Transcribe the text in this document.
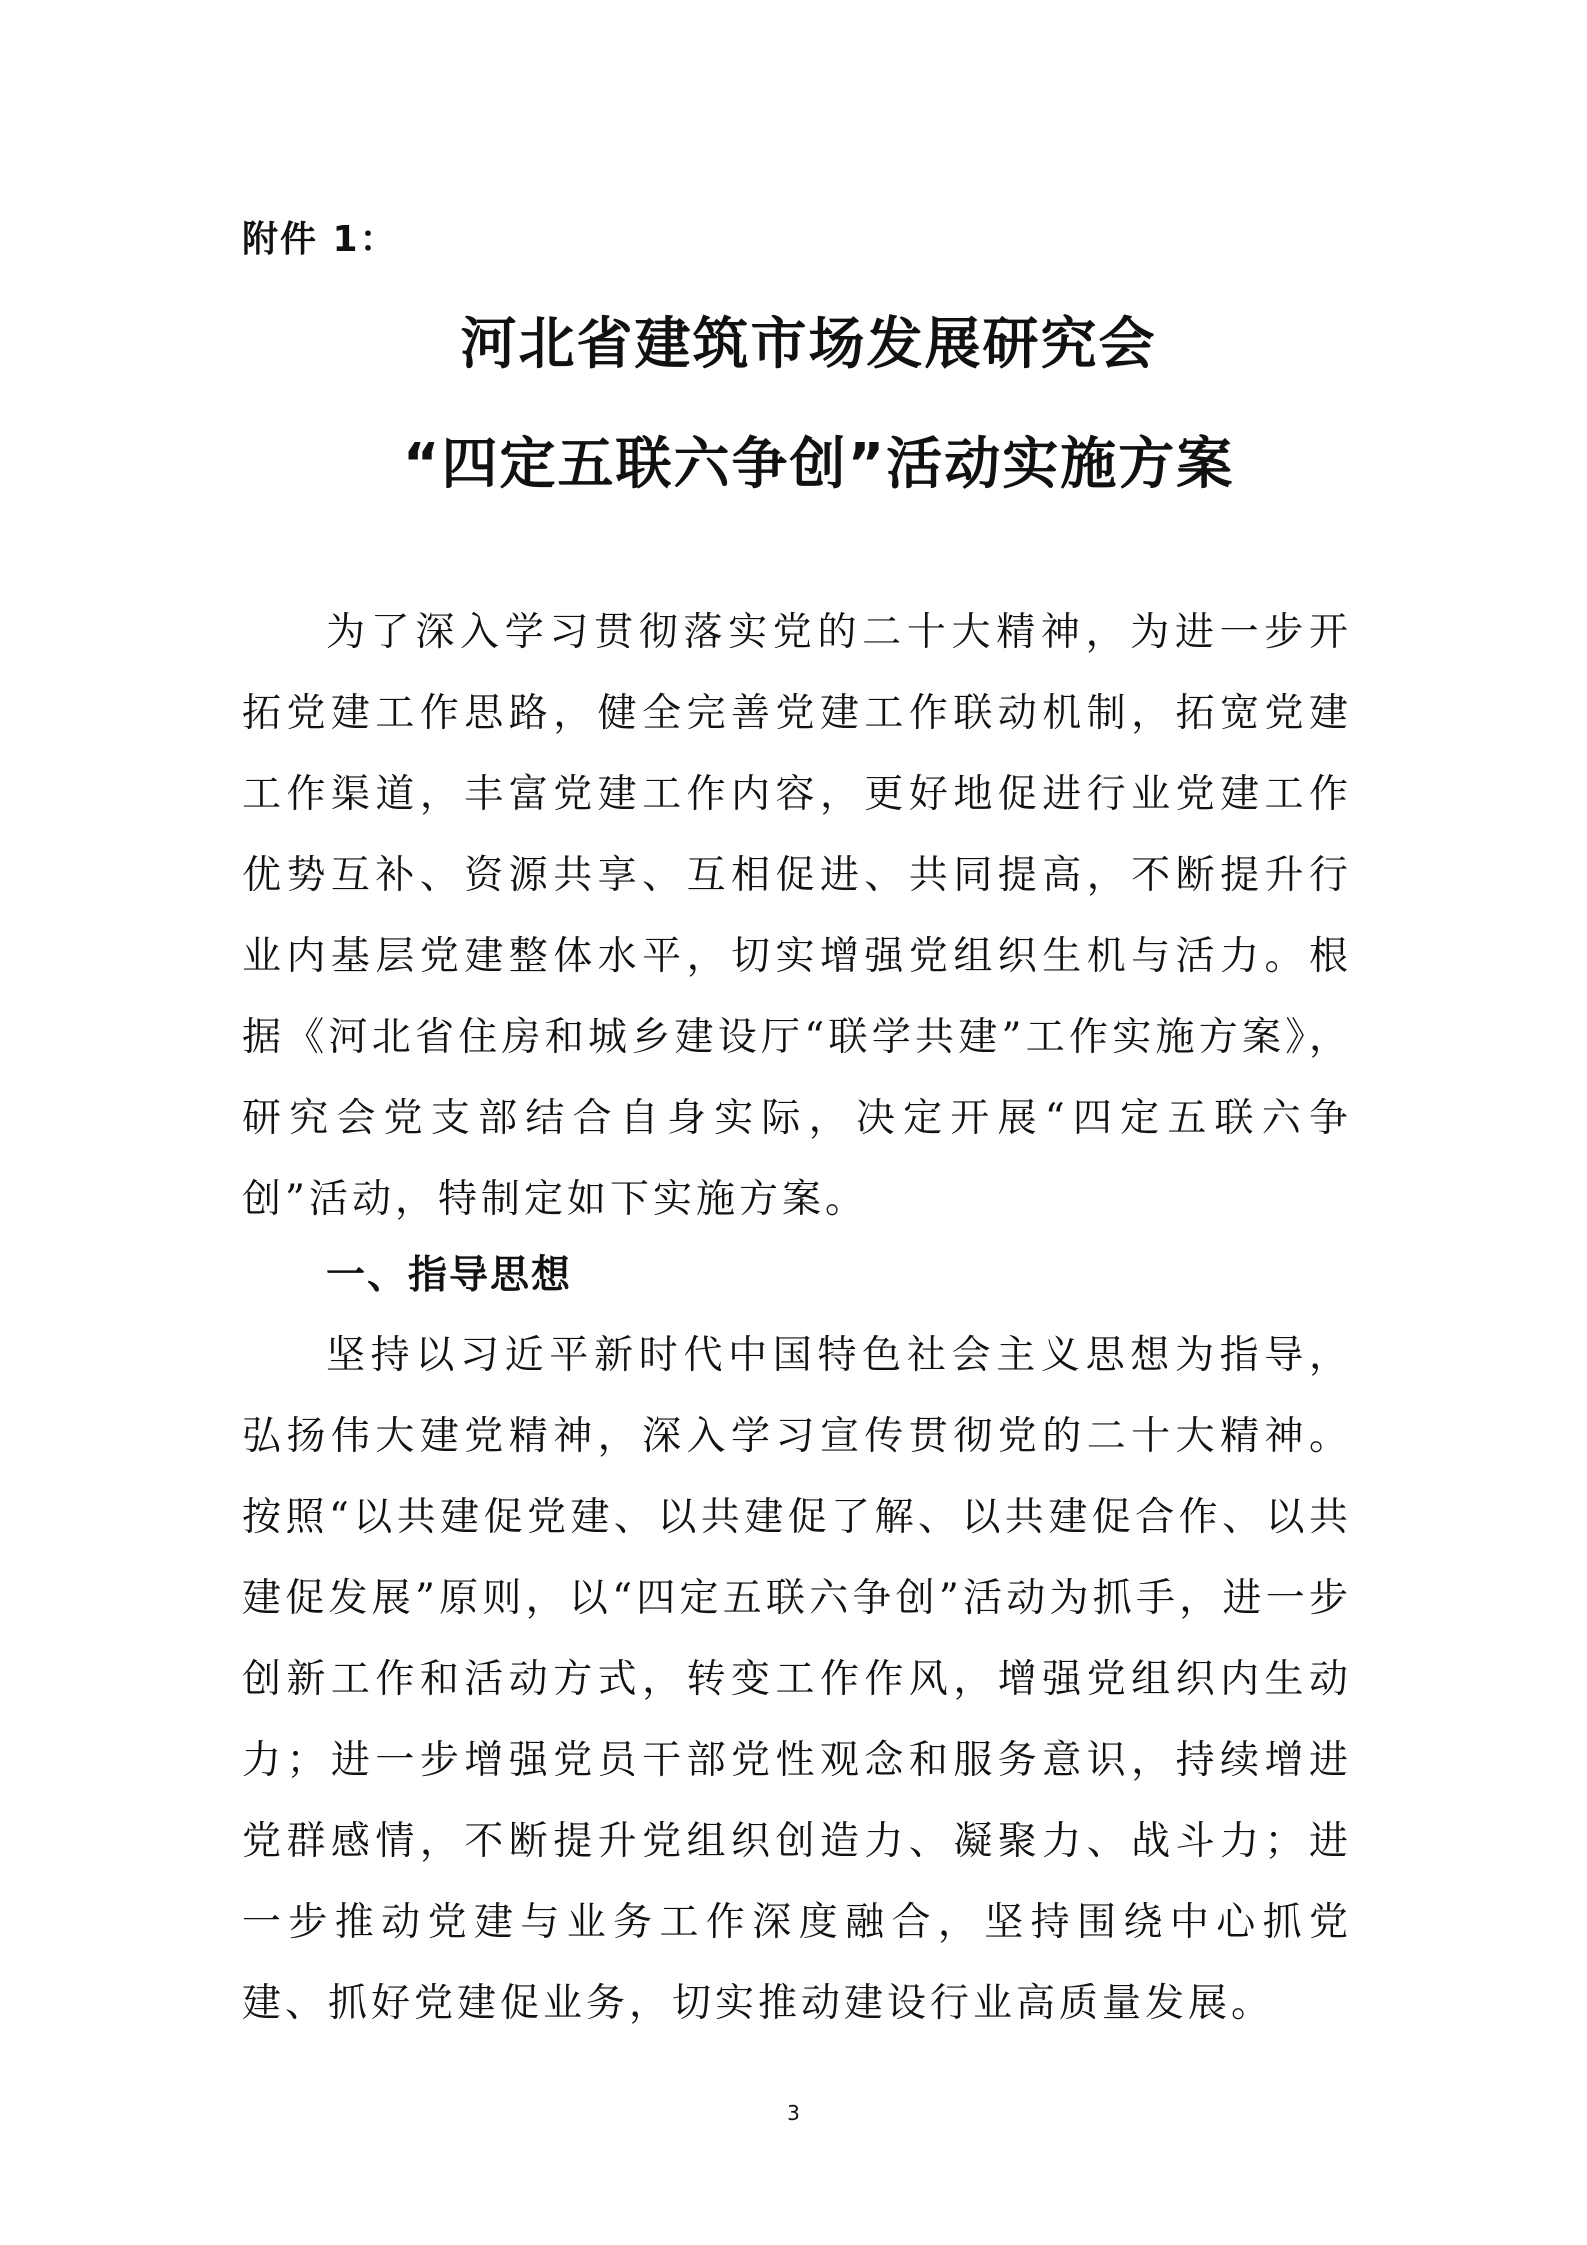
附件 1：
河北省建筑市场发展研究会
“四定五联六争创”活动实施方案

为了深入学习贯彻落实党的二十大精神，为进一步开拓党建工作思路，健全完善党建工作联动机制，拓宽党建工作渠道，丰富党建工作内容，更好地促进行业党建工作优势互补、资源共享、互相促进、共同提高，不断提升行业内基层党建整体水平，切实增强党组织生机与活力。根据《河北省住房和城乡建设厅“联学共建”工作实施方案》，研究会党支部结合自身实际，决定开展“四定五联六争创”活动，特制定如下实施方案。

一、指导思想

坚持以习近平新时代中国特色社会主义思想为指导，弘扬伟大建党精神，深入学习宣传贯彻党的二十大精神。按照“以共建促党建、以共建促了解、以共建促合作、以共建促发展”原则，以“四定五联六争创”活动为抓手，进一步创新工作和活动方式，转变工作作风，增强党组织内生动力；进一步增强党员干部党性观念和服务意识，持续增进党群感情，不断提升党组织创造力、凝聚力、战斗力；进一步推动党建与业务工作深度融合，坚持围绕中心抓党建、抓好党建促业务，切实推动建设行业高质量发展。

3
